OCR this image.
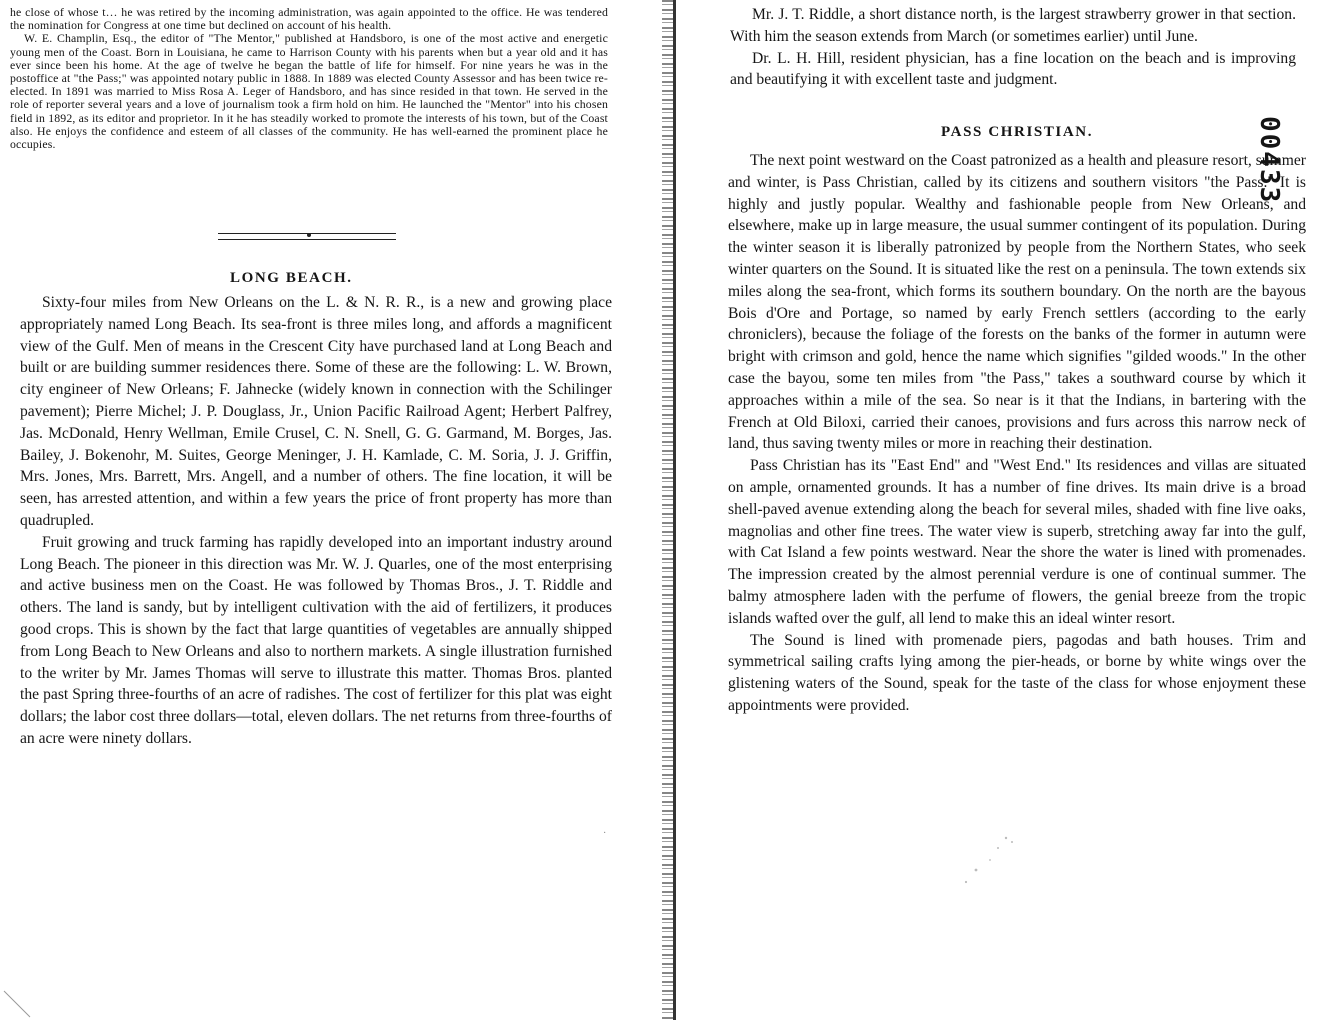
he close of whose t… he was retired by the incoming administration, was again appointed to the office. He was tendered the nomination for Congress at one time but declined on account of his health.

W. E. Champlin, Esq., the editor of "The Mentor," published at Handsboro, is one of the most active and energetic young men of the Coast. Born in Louisiana, he came to Harrison County with his parents when but a year old and it has ever since been his home. At the age of twelve he began the battle of life for himself. For nine years he was in the postoffice at "the Pass;" was appointed notary public in 1888. In 1889 was elected County Assessor and has been twice re-elected. In 1891 was married to Miss Rosa A. Leger of Handsboro, and has since resided in that town. He served in the role of reporter several years and a love of journalism took a firm hold on him. He launched the "Mentor" into his chosen field in 1892, as its editor and proprietor. In it he has steadily worked to promote the interests of his town, but of the Coast also. He enjoys the confidence and esteem of all classes of the community. He has well-earned the prominent place he occupies.

LONG BEACH.

Sixty-four miles from New Orleans on the L. & N. R. R., is a new and growing place appropriately named Long Beach. Its sea-front is three miles long, and affords a magnificent view of the Gulf. Men of means in the Crescent City have purchased land at Long Beach and built or are building summer residences there. Some of these are the following: L. W. Brown, city engineer of New Orleans; F. Jahnecke (widely known in connection with the Schilinger pavement); Pierre Michel; J. P. Douglass, Jr., Union Pacific Railroad Agent; Herbert Palfrey, Jas. McDonald, Henry Wellman, Emile Crusel, C. N. Snell, G. G. Garmand, M. Borges, Jas. Bailey, J. Bokenohr, M. Suites, George Meninger, J. H. Kamlade, C. M. Soria, J. J. Griffin, Mrs. Jones, Mrs. Barrett, Mrs. Angell, and a number of others. The fine location, it will be seen, has arrested attention, and within a few years the price of front property has more than quadrupled.

Fruit growing and truck farming has rapidly developed into an important industry around Long Beach. The pioneer in this direction was Mr. W. J. Quarles, one of the most enterprising and active business men on the Coast. He was followed by Thomas Bros., J. T. Riddle and others. The land is sandy, but by intelligent cultivation with the aid of fertilizers, it produces good crops. This is shown by the fact that large quantities of vegetables are annually shipped from Long Beach to New Orleans and also to northern markets. A single illustration furnished to the writer by Mr. James Thomas will serve to illustrate this matter. Thomas Bros. planted the past Spring three-fourths of an acre of radishes. The cost of fertilizer for this plat was eight dollars; the labor cost three dollars—total, eleven dollars. The net returns from three-fourths of an acre were ninety dollars.

·

Mr. J. T. Riddle, a short distance north, is the largest strawberry grower in that section. With him the season extends from March (or sometimes earlier) until June.

Dr. L. H. Hill, resident physician, has a fine location on the beach and is improving and beautifying it with excellent taste and judgment.

PASS CHRISTIAN.	00433

The next point westward on the Coast patronized as a health and pleasure resort, summer and winter, is Pass Christian, called by its citizens and southern visitors "the Pass." It is highly and justly popular. Wealthy and fashionable people from New Orleans, and elsewhere, make up in large measure, the usual summer contingent of its population. During the winter season it is liberally patronized by people from the Northern States, who seek winter quarters on the Sound. It is situated like the rest on a peninsula. The town extends six miles along the sea-front, which forms its southern boundary. On the north are the bayous Bois d'Ore and Portage, so named by early French settlers (according to the early chroniclers), because the foliage of the forests on the banks of the former in autumn were bright with crimson and gold, hence the name which signifies "gilded woods." In the other case the bayou, some ten miles from "the Pass," takes a southward course by which it approaches within a mile of the sea. So near is it that the Indians, in bartering with the French at Old Biloxi, carried their canoes, provisions and furs across this narrow neck of land, thus saving twenty miles or more in reaching their destination.

Pass Christian has its "East End" and "West End." Its residences and villas are situated on ample, ornamented grounds. It has a number of fine drives. Its main drive is a broad shell-paved avenue extending along the beach for several miles, shaded with fine live oaks, magnolias and other fine trees. The water view is superb, stretching away far into the gulf, with Cat Island a few points westward. Near the shore the water is lined with promenades. The impression created by the almost perennial verdure is one of continual summer. The balmy atmosphere laden with the perfume of flowers, the genial breeze from the tropic islands wafted over the gulf, all lend to make this an ideal winter resort.

The Sound is lined with promenade piers, pagodas and bath houses. Trim and symmetrical sailing crafts lying among the pier-heads, or borne by white wings over the glistening waters of the Sound, speak for the taste of the class for whose enjoyment these appointments were provided.
